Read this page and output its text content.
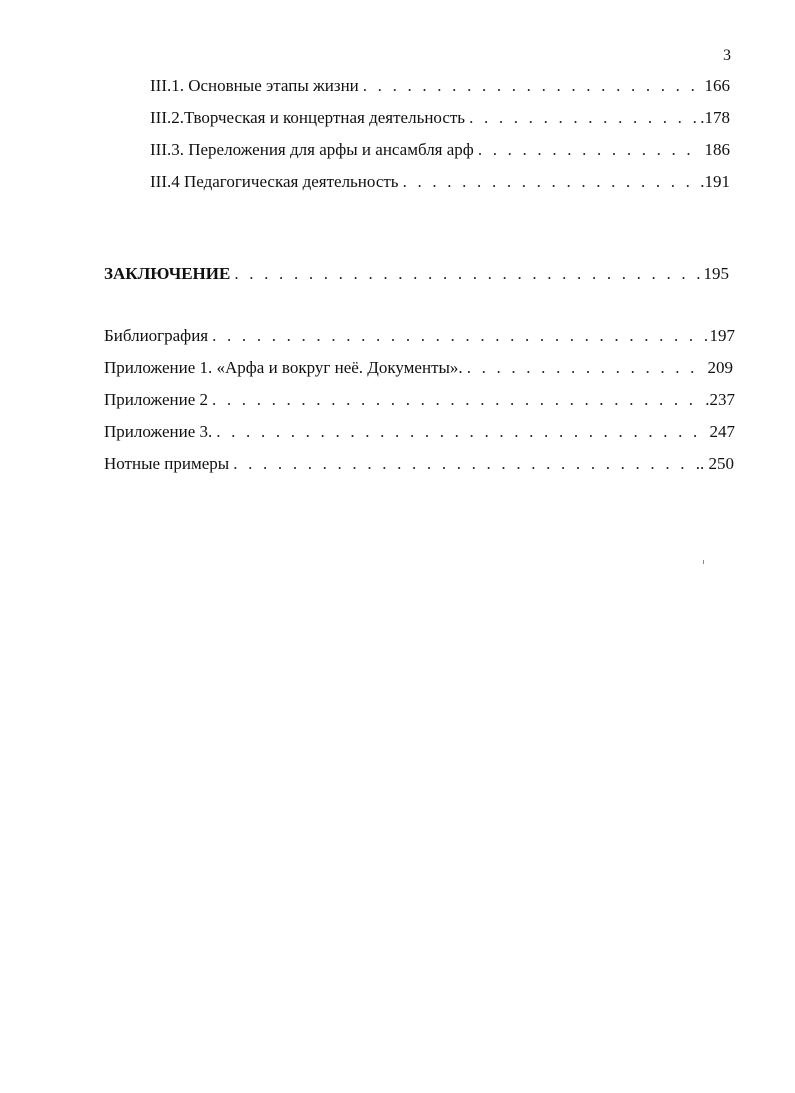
3
III.1. Основные этапы жизни . . .	166
III.2.Творческая и концертная деятельность . . .	.178
III.3. Переложения для арфы и ансамбля арф . . .	186
III.4 Педагогическая деятельность . . .	.191
ЗАКЛЮЧЕНИЕ . . .	195
Библиография . . .	197
Приложение 1. «Арфа и вокруг неё. Документы». . . .	209
Приложение 2 . . .	.237
Приложение 3. . . .	247
Нотные примеры . . .	.. 250
